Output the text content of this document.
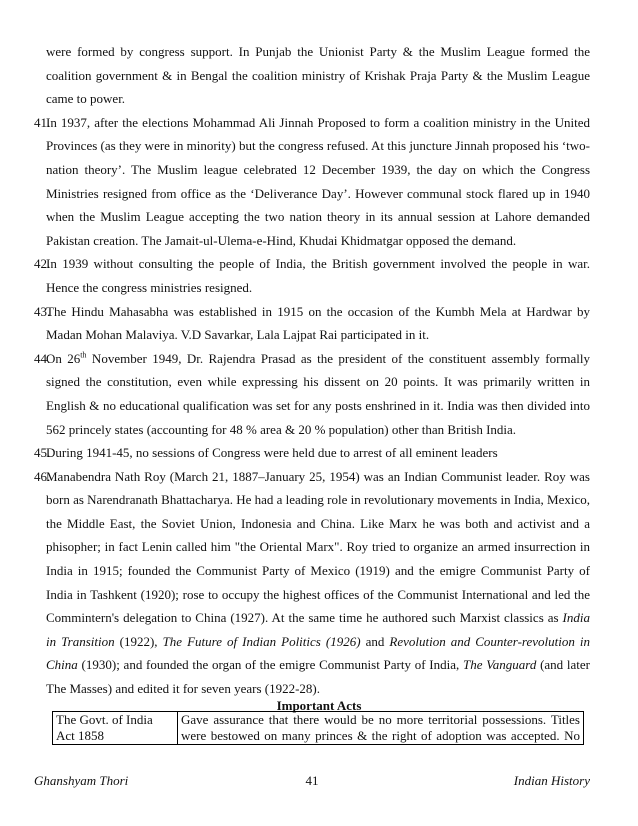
were formed by congress support. In Punjab the Unionist Party & the Muslim League formed the coalition government & in Bengal the coalition ministry of Krishak Praja Party & the Muslim League came to power.

41.
In 1937, after the elections Mohammad Ali Jinnah Proposed to form a coalition ministry in the United Provinces (as they were in minority) but the congress refused. At this juncture Jinnah proposed his ‘two-nation theory’. The Muslim league celebrated 12 December 1939, the day on which the Congress Ministries resigned from office as the ‘Deliverance Day’. However communal stock flared up in 1940 when the Muslim League accepting the two nation theory in its annual session at Lahore demanded Pakistan creation. The Jamait-ul-Ulema-e-Hind, Khudai Khidmatgar opposed the demand.

42.
In 1939 without consulting the people of India, the British government involved the people in war. Hence the congress ministries resigned.

43.
The Hindu Mahasabha was established in 1915 on the occasion of the Kumbh Mela at Hardwar by Madan Mohan Malaviya. V.D Savarkar, Lala Lajpat Rai participated in it.

44.
On 26th November 1949, Dr. Rajendra Prasad as the president of the constituent assembly formally signed the constitution, even while expressing his dissent on 20 points. It was primarily written in English & no educational qualification was set for any posts enshrined in it. India was then divided into 562 princely states (accounting for 48 % area & 20 % population) other than British India.

45.
During 1941-45, no sessions of Congress were held due to arrest of all eminent leaders

46.
Manabendra Nath Roy (March 21, 1887–January 25, 1954) was an Indian Communist leader. Roy was born as Narendranath Bhattacharya. He had a leading role in revolutionary movements in India, Mexico, the Middle East, the Soviet Union, Indonesia and China. Like Marx he was both and activist and a phisopher; in fact Lenin called him "the Oriental Marx". Roy tried to organize an armed insurrection in India in 1915; founded the Communist Party of Mexico (1919) and the emigre Communist Party of India in Tashkent (1920); rose to occupy the highest offices of the Communist International and led the Commintern's delegation to China (1927). At the same time he authored such Marxist classics as India in Transition (1922), The Future of Indian Politics (1926) and Revolution and Counter-revolution in China (1930); and founded the organ of the emigre Communist Party of India, The Vanguard (and later The Masses) and edited it for seven years (1922-28).

Important Acts
The Govt. of India Act 1858	Gave assurance that there would be no more territorial possessions. Titles were bestowed on many princes & the right of adoption was accepted. No
Ghanshyam Thori	41	Indian History
